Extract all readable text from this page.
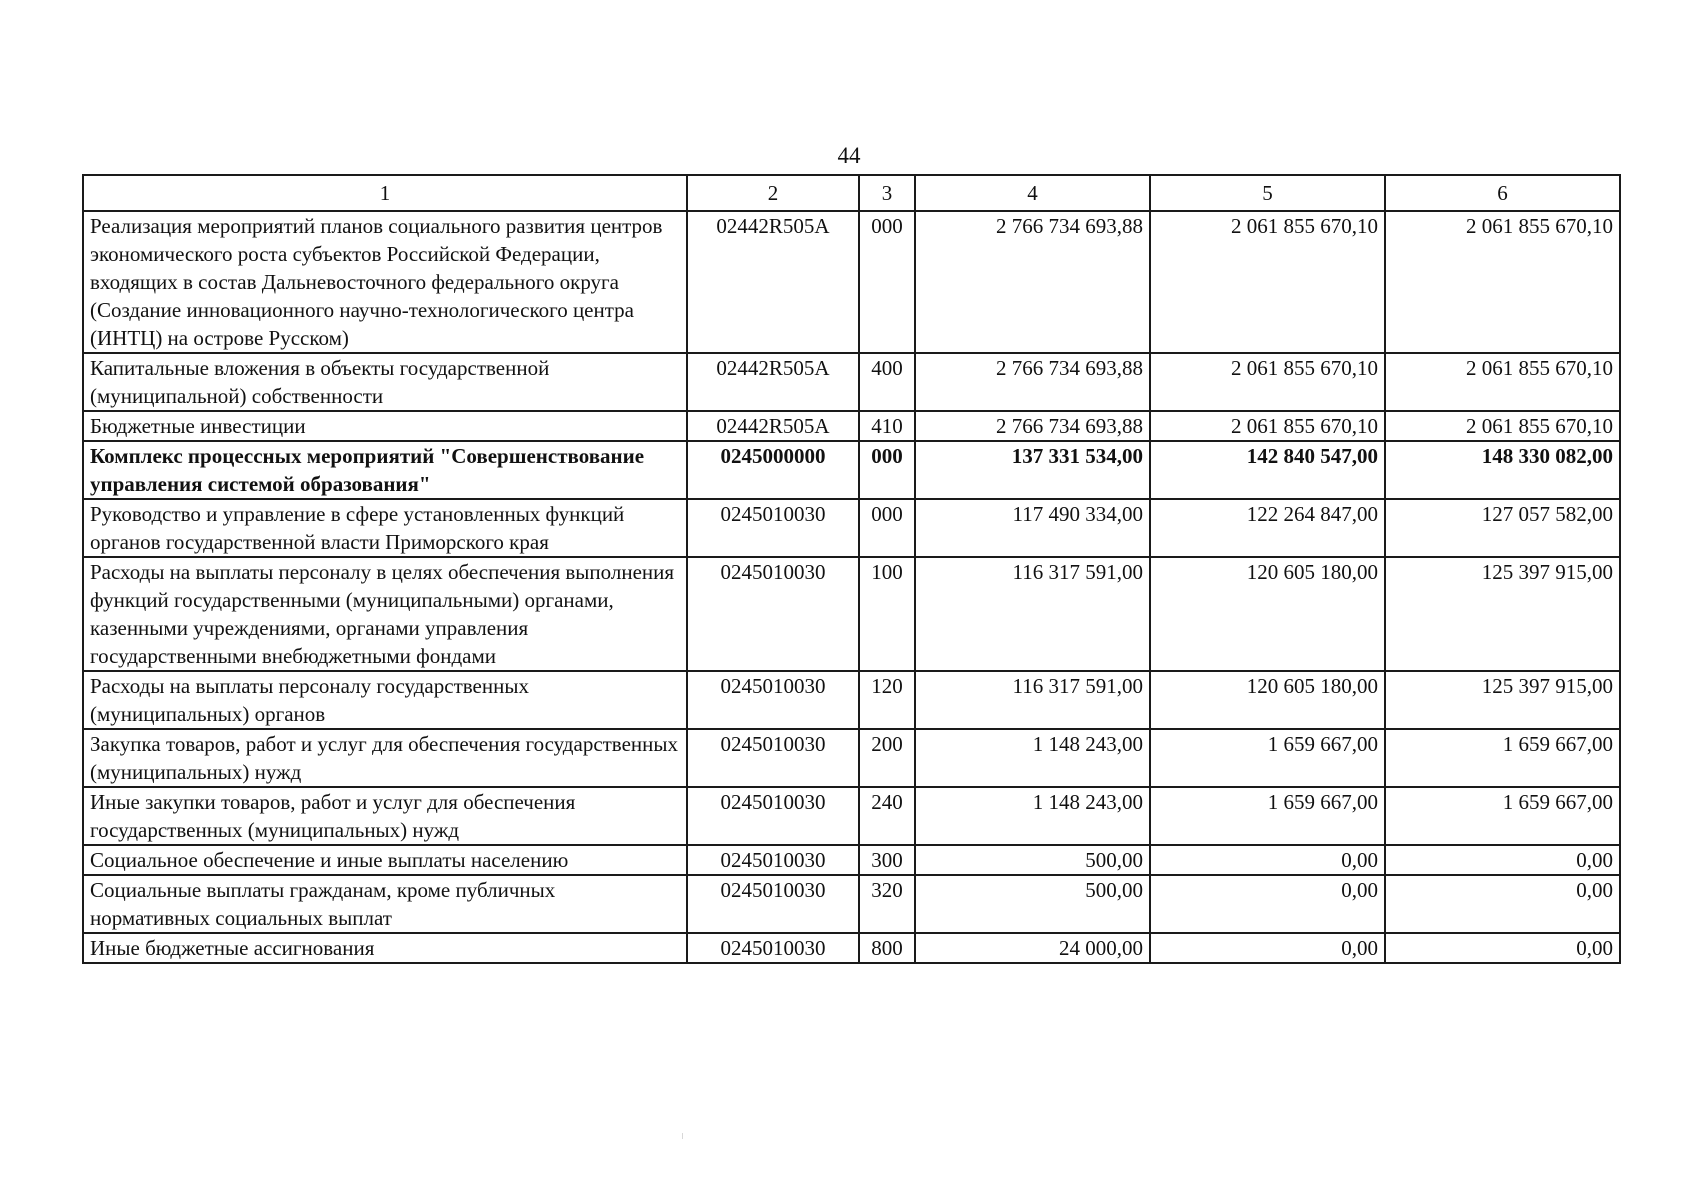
44
1	2	3	4	5	6
Реализация мероприятий планов социального развития центров экономического роста субъектов Российской Федерации, входящих в состав Дальневосточного федерального округа (Создание инновационного научно-технологического центра (ИНТЦ) на острове Русском)	02442R505A	000	2 766 734 693,88	2 061 855 670,10	2 061 855 670,10
Капитальные вложения в объекты государственной (муниципальной) собственности	02442R505A	400	2 766 734 693,88	2 061 855 670,10	2 061 855 670,10
Бюджетные инвестиции	02442R505A	410	2 766 734 693,88	2 061 855 670,10	2 061 855 670,10
Комплекс процессных мероприятий "Совершенствование управления системой образования"	0245000000	000	137 331 534,00	142 840 547,00	148 330 082,00
Руководство и управление в сфере установленных функций органов государственной власти Приморского края	0245010030	000	117 490 334,00	122 264 847,00	127 057 582,00
Расходы на выплаты персоналу в целях обеспечения выполнения функций государственными (муниципальными) органами, казенными учреждениями, органами управления государственными внебюджетными фондами	0245010030	100	116 317 591,00	120 605 180,00	125 397 915,00
Расходы на выплаты персоналу государственных (муниципальных) органов	0245010030	120	116 317 591,00	120 605 180,00	125 397 915,00
Закупка товаров, работ и услуг для обеспечения государственных (муниципальных) нужд	0245010030	200	1 148 243,00	1 659 667,00	1 659 667,00
Иные закупки товаров, работ и услуг для обеспечения государственных (муниципальных) нужд	0245010030	240	1 148 243,00	1 659 667,00	1 659 667,00
Социальное обеспечение и иные выплаты населению	0245010030	300	500,00	0,00	0,00
Социальные выплаты гражданам, кроме публичных нормативных социальных выплат	0245010030	320	500,00	0,00	0,00
Иные бюджетные ассигнования	0245010030	800	24 000,00	0,00	0,00
